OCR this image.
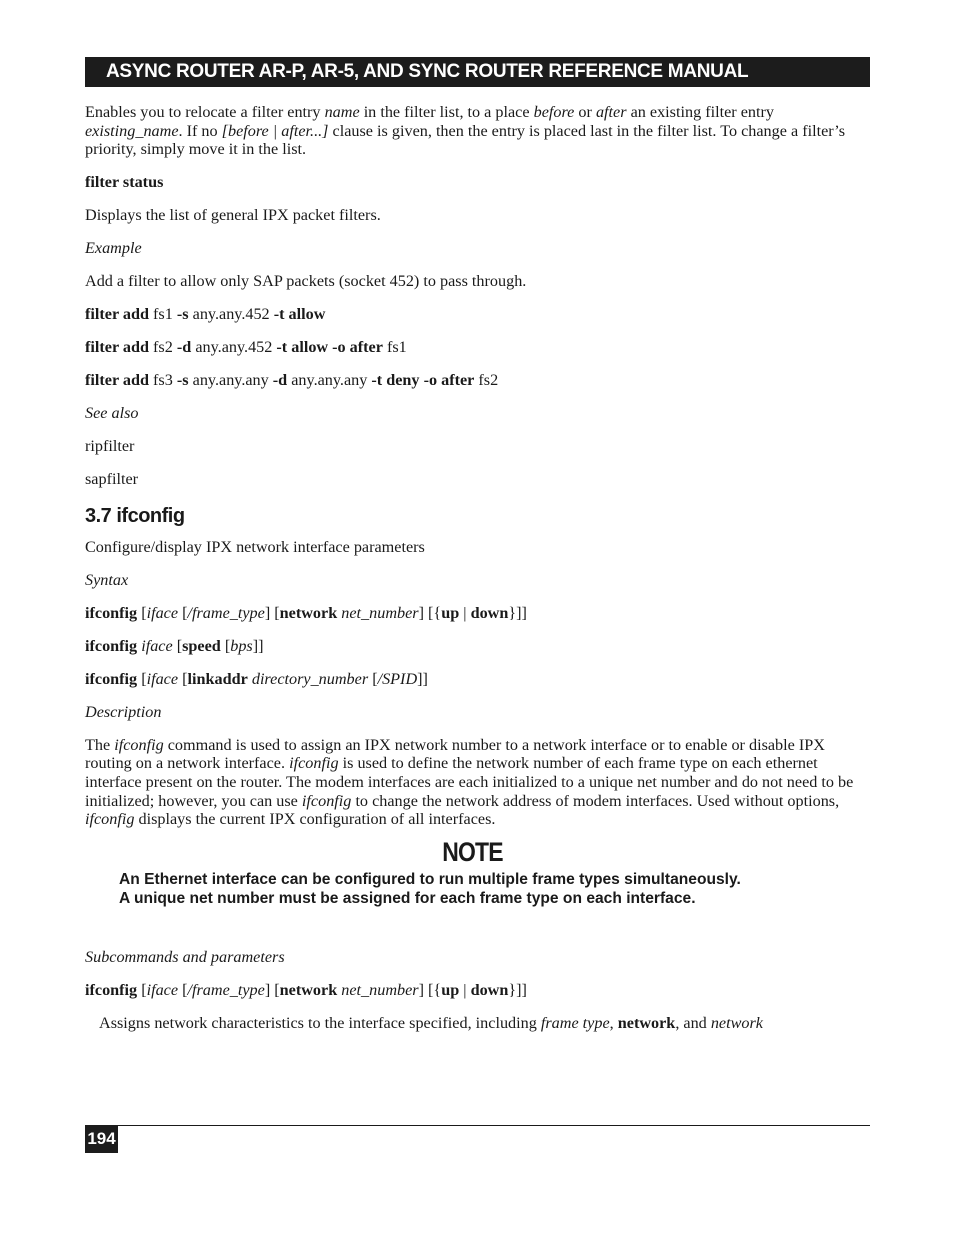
ASYNC ROUTER AR-P, AR-5, AND SYNC ROUTER REFERENCE MANUAL

Enables you to relocate a filter entry name in the filter list, to a place before or after an existing filter entry existing_name. If no [before | after...] clause is given, then the entry is placed last in the filter list. To change a filter’s priority, simply move it in the list.

filter status
Displays the list of general IPX packet filters.
Example
Add a filter to allow only SAP packets (socket 452) to pass through.
filter add fs1 -s any.any.452 -t allow
filter add fs2 -d any.any.452 -t allow -o after fs1
filter add fs3 -s any.any.any -d any.any.any -t deny -o after fs2
See also
ripfilter
sapfilter
3.7 ifconfig
Configure/display IPX network interface parameters
Syntax
ifconfig [iface [/frame_type] [network net_number] [{up | down}]]
ifconfig iface [speed [bps]]
ifconfig [iface [linkaddr directory_number [/SPID]]
Description

The ifconfig command is used to assign an IPX network number to a network interface or to enable or disable IPX routing on a network interface. ifconfig is used to define the network number of each frame type on each ethernet interface present on the router. The modem interfaces are each initialized to a unique net number and do not need to be initialized; however, you can use ifconfig to change the network address of modem interfaces. Used without options, ifconfig displays the current IPX configuration of all interfaces.

NOTE
An Ethernet interface can be configured to run multiple frame types simultaneously.
A unique net number must be assigned for each frame type on each interface.
Subcommands and parameters
ifconfig [iface [/frame_type] [network net_number] [{up | down}]]
Assigns network characteristics to the interface specified, including frame type, network, and network
194
